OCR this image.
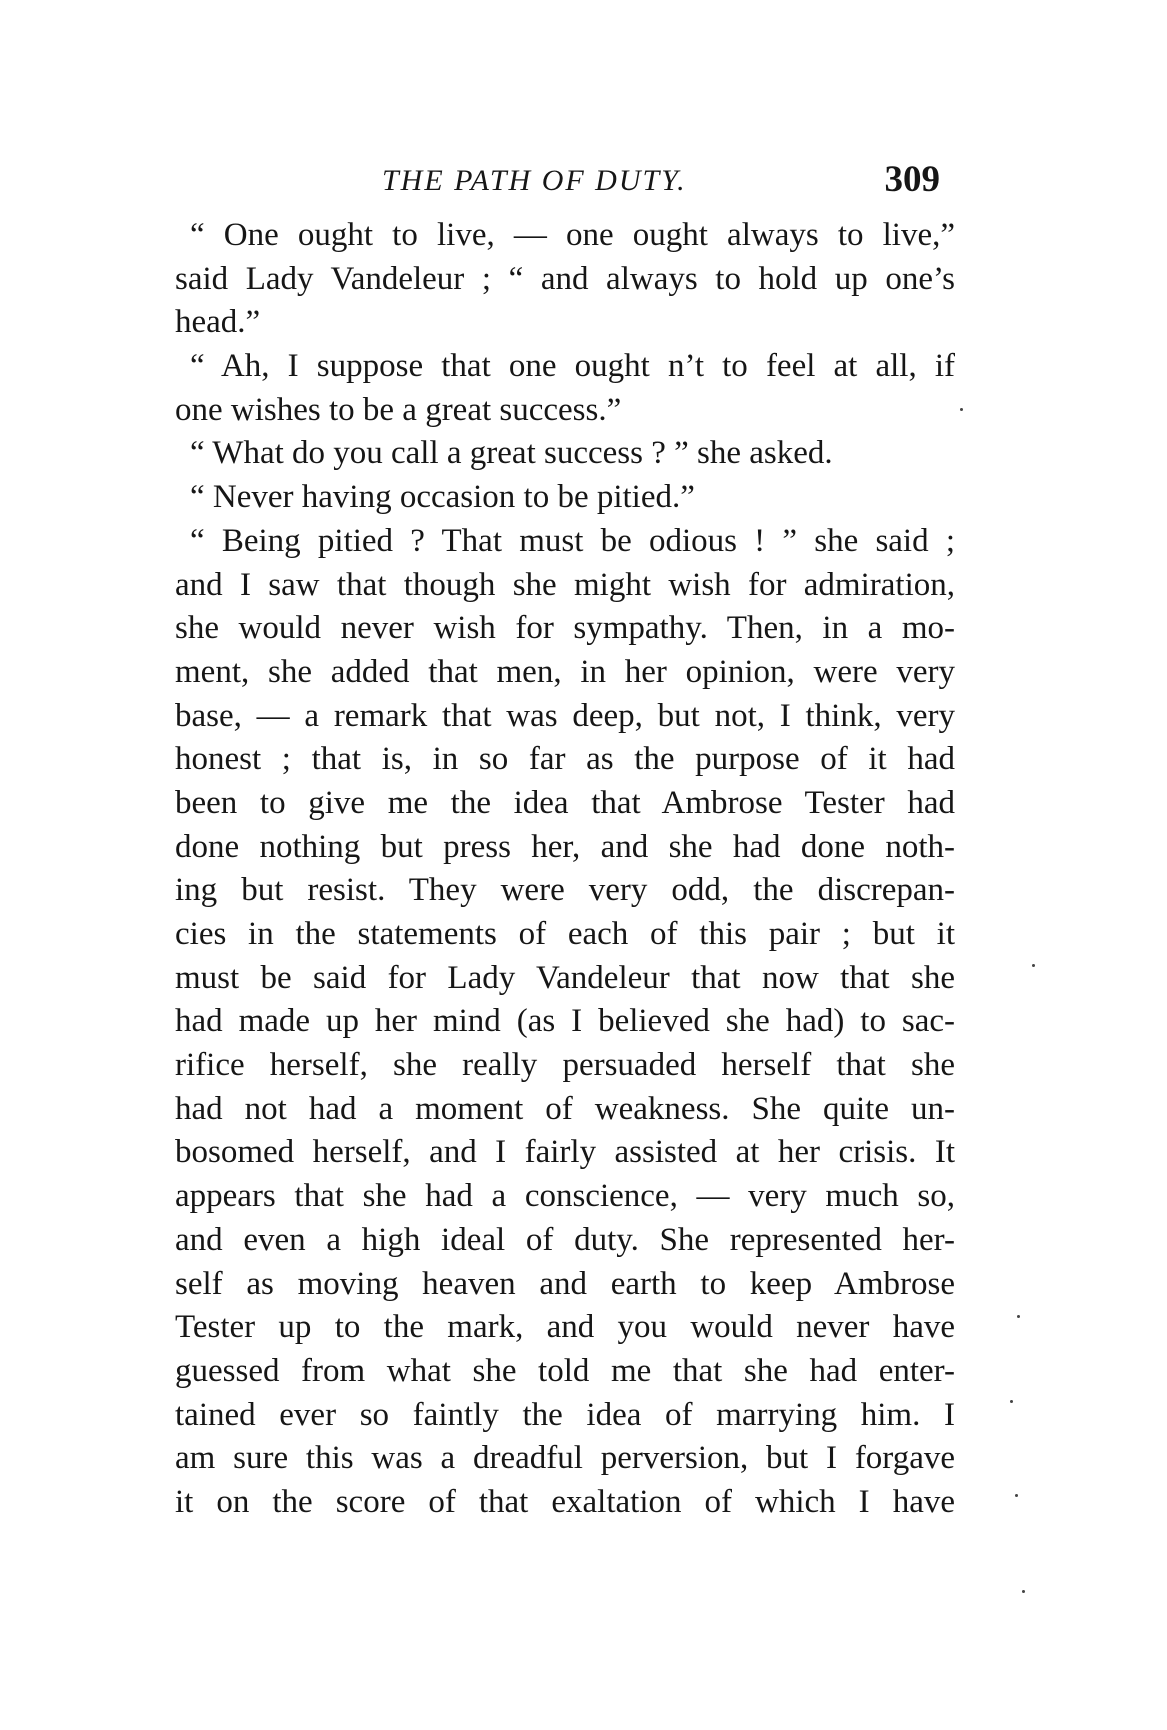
THE PATH OF DUTY.	309
“ One ought to live, — one ought always to live,”
said Lady Vandeleur ; “ and always to hold up one’s
head.”
“ Ah, I suppose that one ought n’t to feel at all, if
one wishes to be a great success.”
“ What do you call a great success ? ” she asked.
“ Never having occasion to be pitied.”
“ Being pitied ? That must be odious ! ” she said ;
and I saw that though she might wish for admiration,
she would never wish for sympathy. Then, in a mo-
ment, she added that men, in her opinion, were very
base, — a remark that was deep, but not, I think, very
honest ; that is, in so far as the purpose of it had
been to give me the idea that Ambrose Tester had
done nothing but press her, and she had done noth-
ing but resist. They were very odd, the discrepan-
cies in the statements of each of this pair ; but it
must be said for Lady Vandeleur that now that she
had made up her mind (as I believed she had) to sac-
rifice herself, she really persuaded herself that she
had not had a moment of weakness. She quite un-
bosomed herself, and I fairly assisted at her crisis. It
appears that she had a conscience, — very much so,
and even a high ideal of duty. She represented her-
self as moving heaven and earth to keep Ambrose
Tester up to the mark, and you would never have
guessed from what she told me that she had enter-
tained ever so faintly the idea of marrying him. I
am sure this was a dreadful perversion, but I forgave
it on the score of that exaltation of which I have
